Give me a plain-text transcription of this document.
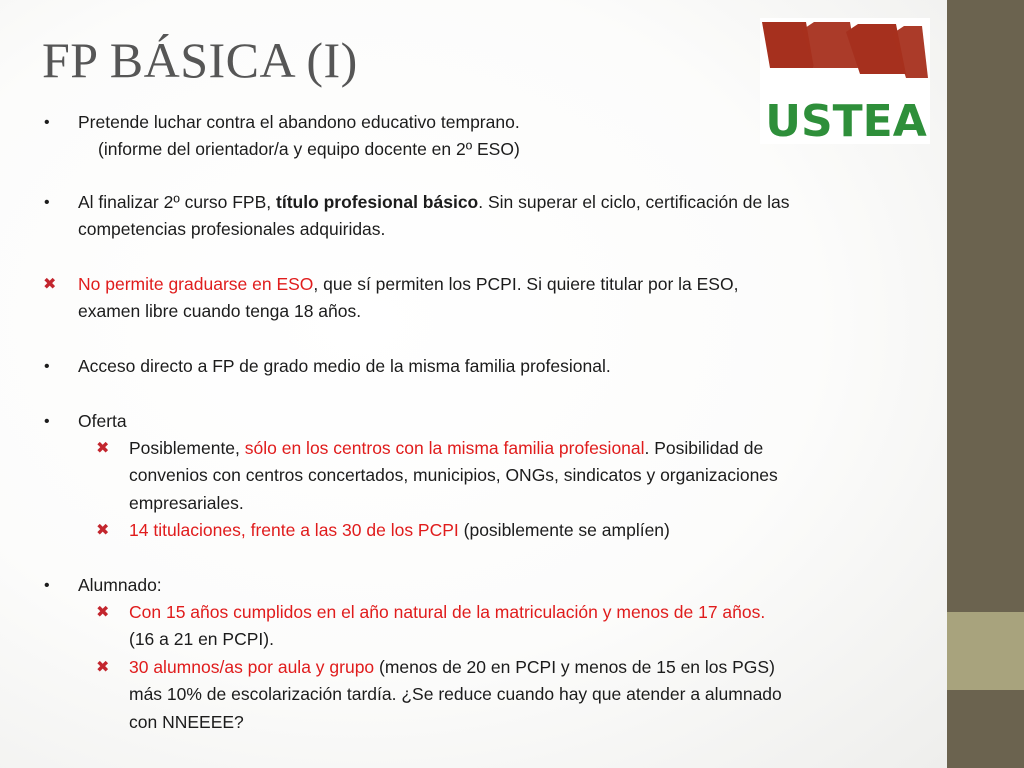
FP BÁSICA (I)
USTEA
•	Pretende luchar contra el abandono educativo temprano.
(informe del orientador/a y equipo docente en 2º ESO)
•	Al finalizar 2º curso FPB, título profesional básico. Sin superar el ciclo, certificación de las
competencias profesionales adquiridas.
✖	No permite graduarse en ESO, que sí permiten los PCPI. Si quiere titular por la ESO,
examen libre cuando tenga 18 años.
•	Acceso directo a FP de grado medio de la misma familia profesional.
•	Oferta
✖	Posiblemente, sólo en los centros con la misma familia profesional. Posibilidad de
convenios con centros concertados, municipios, ONGs, sindicatos y organizaciones
empresariales.
✖	14 titulaciones, frente a las 30 de los PCPI (posiblemente se amplíen)
•	Alumnado:
✖	Con 15 años cumplidos en el año natural de la matriculación y menos de 17 años.
(16 a 21 en PCPI).
✖	30 alumnos/as por aula y grupo (menos de 20 en PCPI y menos de 15 en los PGS)
más 10% de escolarización tardía. ¿Se reduce cuando hay que atender a alumnado
con NNEEEE?
